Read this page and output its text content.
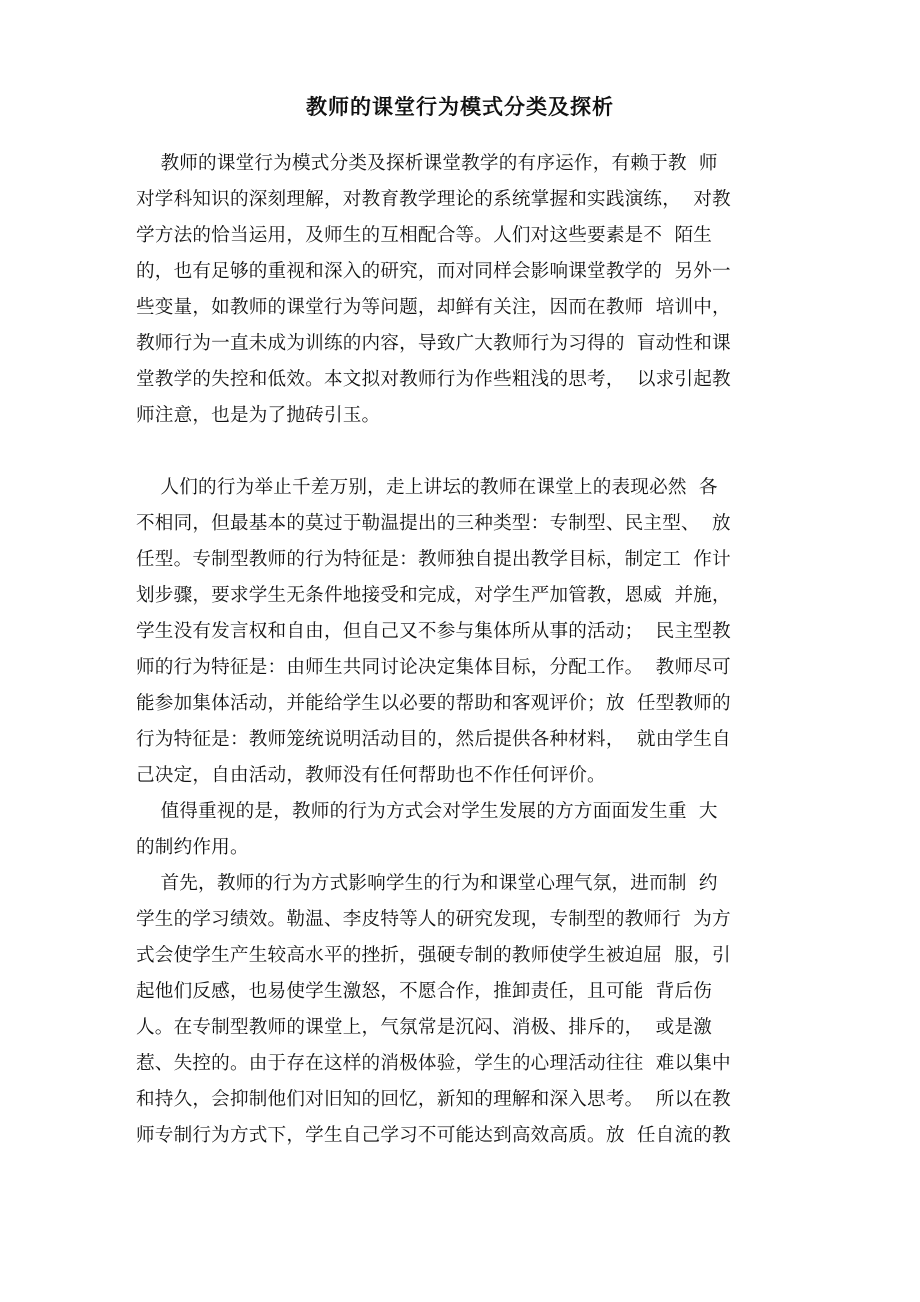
教师的课堂行为模式分类及探析

教师的课堂行为模式分类及探析课堂教学的有序运作，有赖于教  师

对学科知识的深刻理解，对教育教学理论的系统掌握和实践演练，  对教

学方法的恰当运用，及师生的互相配合等。人们对这些要素是不  陌生

的，也有足够的重视和深入的研究，而对同样会影响课堂教学的  另外一

些变量，如教师的课堂行为等问题，却鲜有关注，因而在教师  培训中，

教师行为一直未成为训练的内容，导致广大教师行为习得的  盲动性和课

堂教学的失控和低效。本文拟对教师行为作些粗浅的思考，  以求引起教

师注意，也是为了抛砖引玉。

人们的行为举止千差万别，走上讲坛的教师在课堂上的表现必然  各

不相同，但最基本的莫过于勒温提出的三种类型：专制型、民主型、  放

任型。专制型教师的行为特征是：教师独自提出教学目标，制定工  作计

划步骤，要求学生无条件地接受和完成，对学生严加管教，恩威  并施，

学生没有发言权和自由，但自己又不参与集体所从事的活动；  民主型教

师的行为特征是：由师生共同讨论决定集体目标，分配工作。  教师尽可

能参加集体活动，并能给学生以必要的帮助和客观评价；放  任型教师的

行为特征是：教师笼统说明活动目的，然后提供各种材料，  就由学生自

己决定，自由活动，教师没有任何帮助也不作任何评价。

值得重视的是，教师的行为方式会对学生发展的方方面面发生重  大

的制约作用。

首先，教师的行为方式影响学生的行为和课堂心理气氛，进而制  约

学生的学习绩效。勒温、李皮特等人的研究发现，专制型的教师行  为方

式会使学生产生较高水平的挫折，强硬专制的教师使学生被迫屈  服，引

起他们反感，也易使学生激怒，不愿合作，推卸责任，且可能  背后伤

人。在专制型教师的课堂上，气氛常是沉闷、消极、排斥的，  或是激

惹、失控的。由于存在这样的消极体验，学生的心理活动往往  难以集中

和持久，会抑制他们对旧知的回忆，新知的理解和深入思考。  所以在教

师专制行为方式下，学生自己学习不可能达到高效高质。放  任自流的教
